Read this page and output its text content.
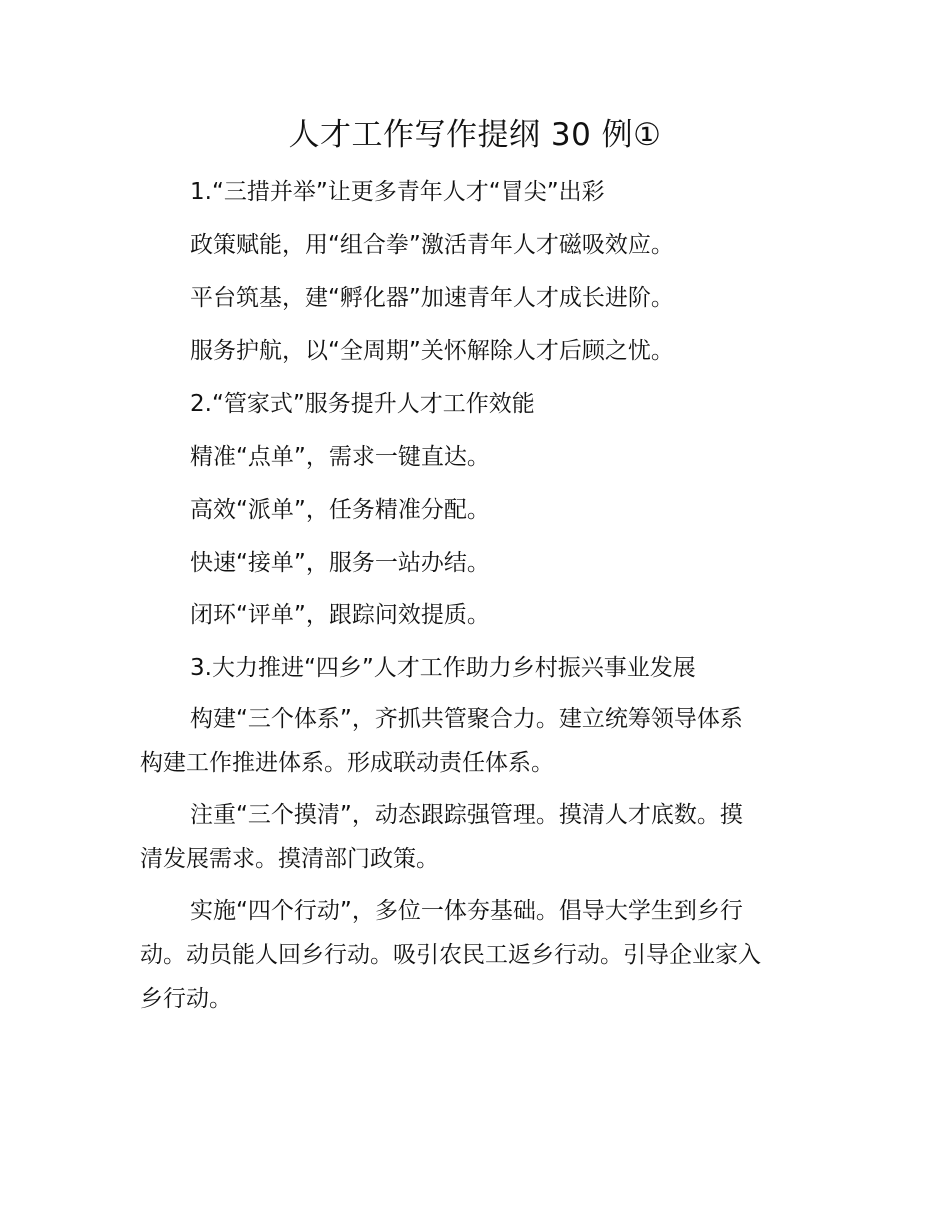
人才工作写作提纲 30 例①
1.“三措并举”让更多青年人才“冒尖”出彩
政策赋能，用“组合拳”激活青年人才磁吸效应。
平台筑基，建“孵化器”加速青年人才成长进阶。
服务护航，以“全周期”关怀解除人才后顾之忧。
2.“管家式”服务提升人才工作效能
精准“点单”，需求一键直达。
高效“派单”，任务精准分配。
快速“接单”，服务一站办结。
闭环“评单”，跟踪问效提质。
3.大力推进“四乡”人才工作助力乡村振兴事业发展
构建“三个体系”，齐抓共管聚合力。建立统筹领导体系
构建工作推进体系。形成联动责任体系。
注重“三个摸清”，动态跟踪强管理。摸清人才底数。摸
清发展需求。摸清部门政策。
实施“四个行动”，多位一体夯基础。倡导大学生到乡行
动。动员能人回乡行动。吸引农民工返乡行动。引导企业家入
乡行动。
